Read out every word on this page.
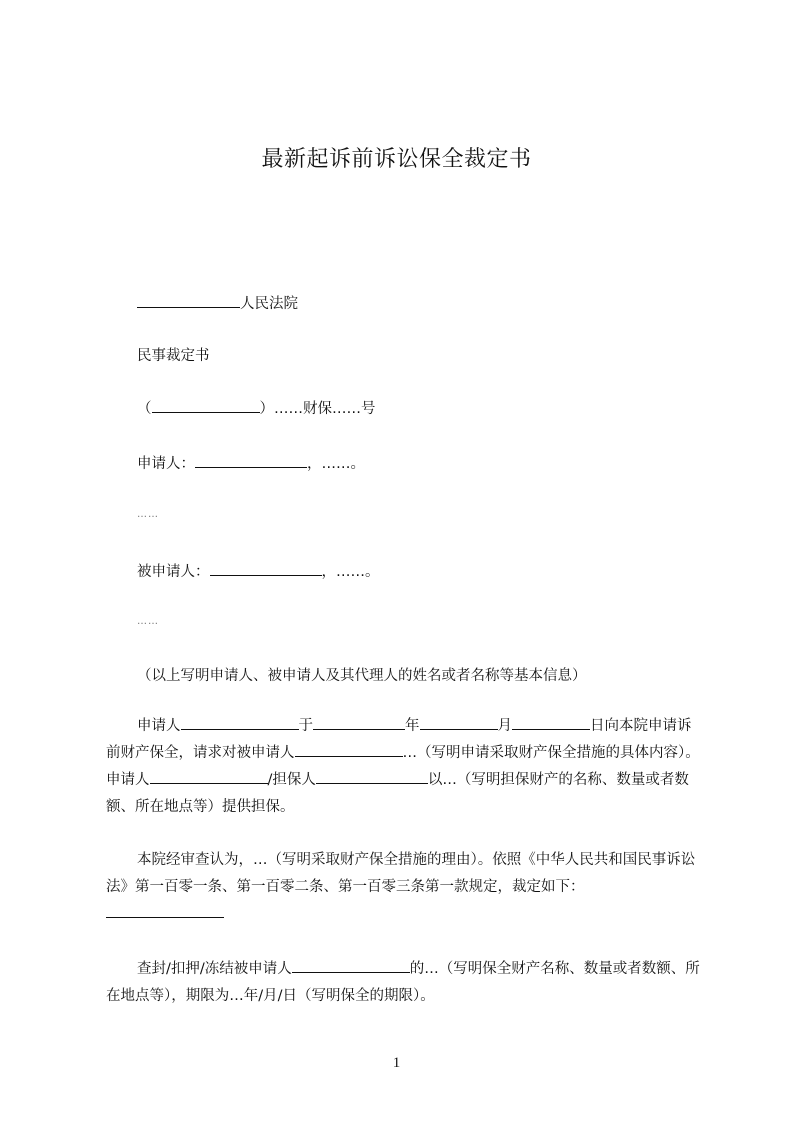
最新起诉前诉讼保全裁定书
人民法院
民事裁定书
（	）……财保……号
申请人：	，……。
……
被申请人：	，……。
……
（以上写明申请人、被申请人及其代理人的姓名或者名称等基本信息）
申请人	于	年	月	日向本院申请诉前财产保全，请求对被申请人	…（写明申请采取财产保全措施的具体内容）。申请人	/担保人	以…（写明担保财产的名称、数量或者数额、所在地点等）提供担保。
本院经审查认为，…（写明采取财产保全措施的理由）。依照《中华人民共和国民事诉讼法》第一百零一条、第一百零二条、第一百零三条第一款规定，裁定如下：
查封/扣押/冻结被申请人	的…（写明保全财产名称、数量或者数额、所在地点等），期限为…年/月/日（写明保全的期限）。
1
